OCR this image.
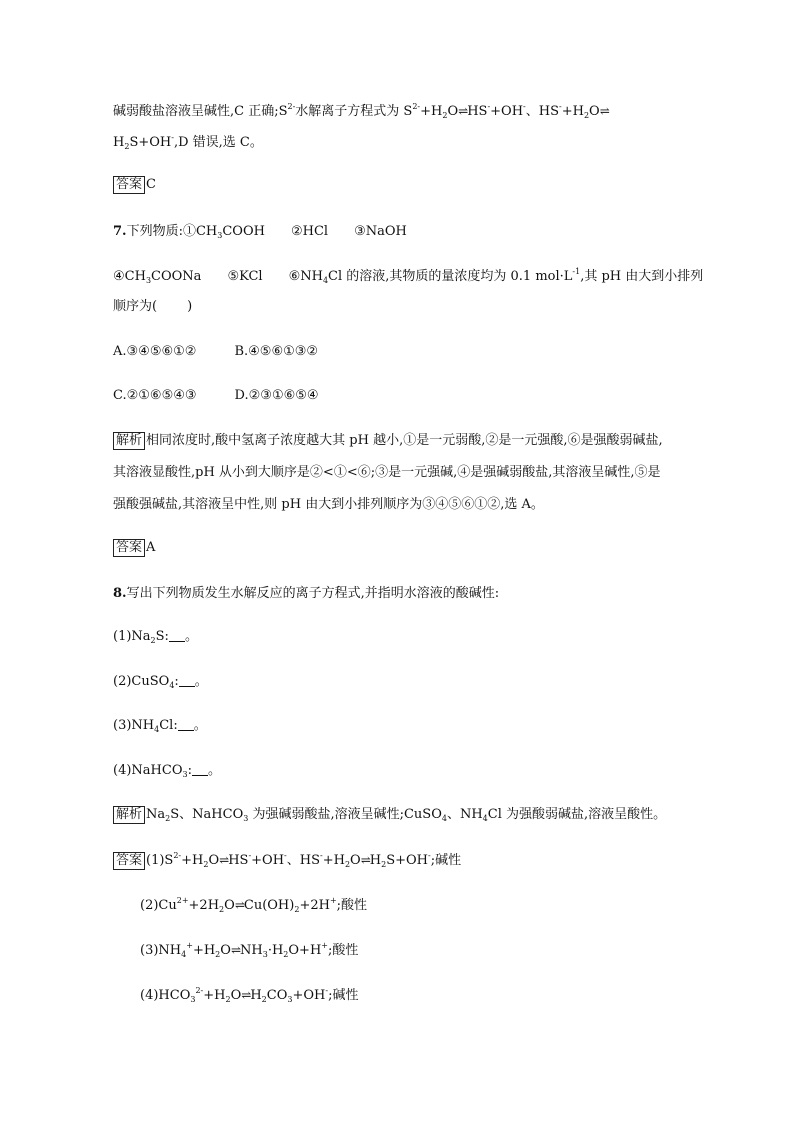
碱弱酸盐溶液呈碱性,C 正确$;S^{2-}$水解离子方程式为 $S^{2-}+H_2O\rightleftharpoons HS^-+OH^-$、$HS^-+H_2O\rightleftharpoons$
$H_2S+OH^-,D$ 错误,选 C。
答案 C
7.下列物质$:①CH_3COOH$ ②HCl ③NaOH
$④CH_3COONa$ ⑤KCl $⑥NH_4Cl$ 的溶液,其物质的量浓度均为 0.1 $mol\cdot L^{-1}$,其 pH 由大到小排列
顺序为( )
A.③④⑤⑥①②	B.④⑤⑥①③②
C.②①⑥⑤④③	D.②③①⑥⑤④
解析 相同浓度时,酸中氢离子浓度越大其 pH 越小,①是一元弱酸,②是一元强酸,⑥是强酸弱碱盐,
其溶液显酸性,pH 从小到大顺序是②<①<⑥;③是一元强碱,④是强碱弱酸盐,其溶液呈碱性,⑤是
强酸强碱盐,其溶液呈中性,则 pH 由大到小排列顺序为③④⑤⑥①②,选 A。
答案 A
8.写出下列物质发生水解反应的离子方程式,并指明水溶液的酸碱性:
$(1)Na_2S$: 。
(2)CuSO$_4$: 。
$(3)NH_4Cl$: 。
(4)NaHCO$_3$: 。
解析 $Na_2S$、NaHCO$_3$ 为强碱弱酸盐,溶液呈碱性;CuSO$_4$、$NH_4Cl$ 为强酸弱碱盐,溶液呈酸性。
答案 $(1)S^{2-}+H_2O\rightleftharpoons HS^-+OH^-$、$HS^-+H_2O\rightleftharpoons H_2S+OH^-$;碱性
$(2)Cu^{2+}+2H_2O\rightleftharpoons Cu(OH)_2+2H^+$;酸性
$(3)NH_4^++H_2O\rightleftharpoons NH_3\cdot H_2O+H^+$;酸性
$(4)HCO_3^{2-}+H_2O\rightleftharpoons H_2CO_3+OH^-$;碱性
